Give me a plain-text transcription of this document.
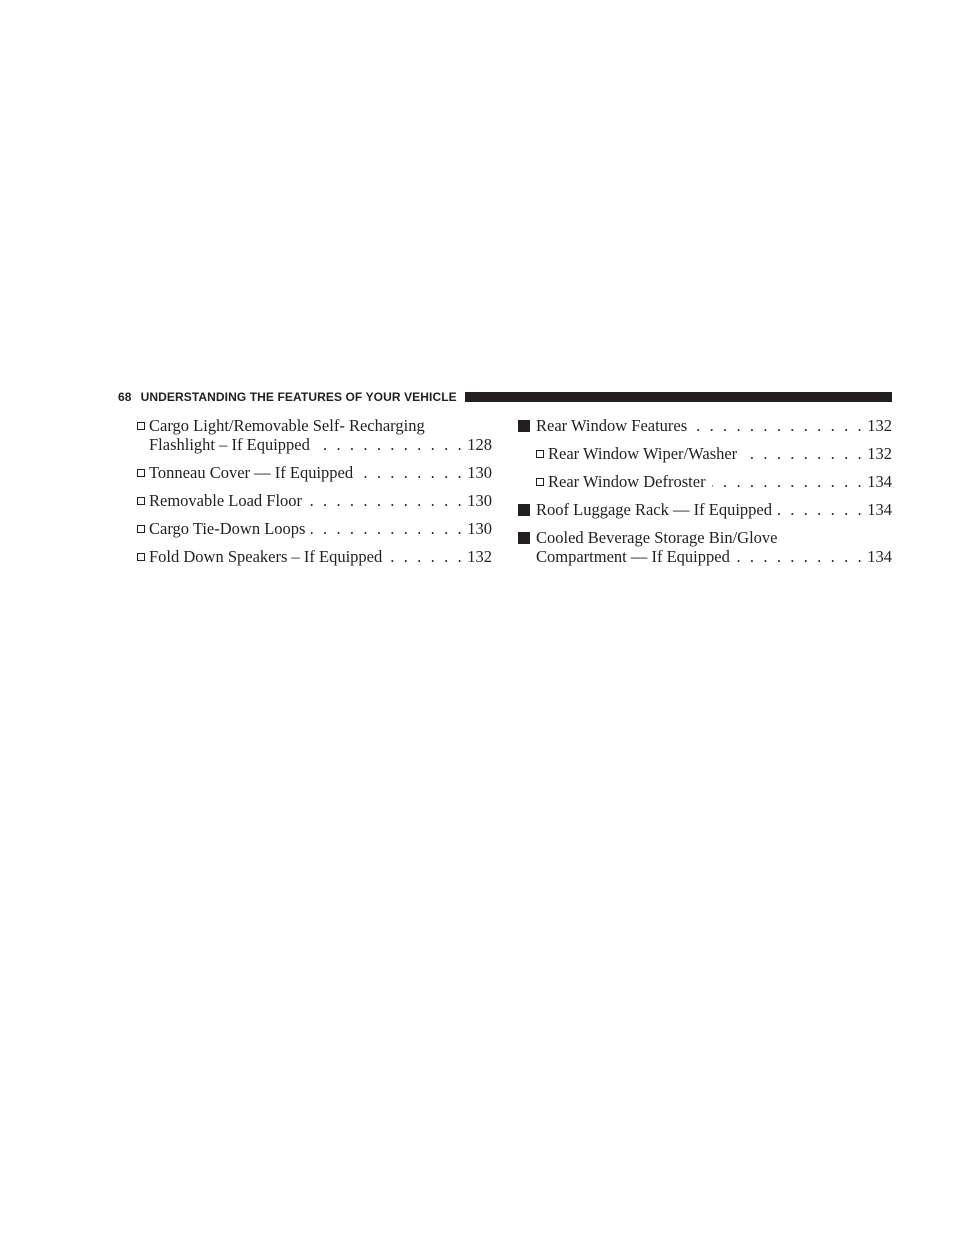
68 UNDERSTANDING THE FEATURES OF YOUR VEHICLE
Cargo Light/Removable Self- Recharging
Flashlight – If Equipped . . .	128
Tonneau Cover — If Equipped . . .	130
Removable Load Floor . . .	130
Cargo Tie-Down Loops . . .	130
Fold Down Speakers – If Equipped . . .	132
Rear Window Features . . .	132
Rear Window Wiper/Washer . . .	132
Rear Window Defroster . . .	134
Roof Luggage Rack — If Equipped . . .	134
Cooled Beverage Storage Bin/Glove
Compartment — If Equipped . . .	134
